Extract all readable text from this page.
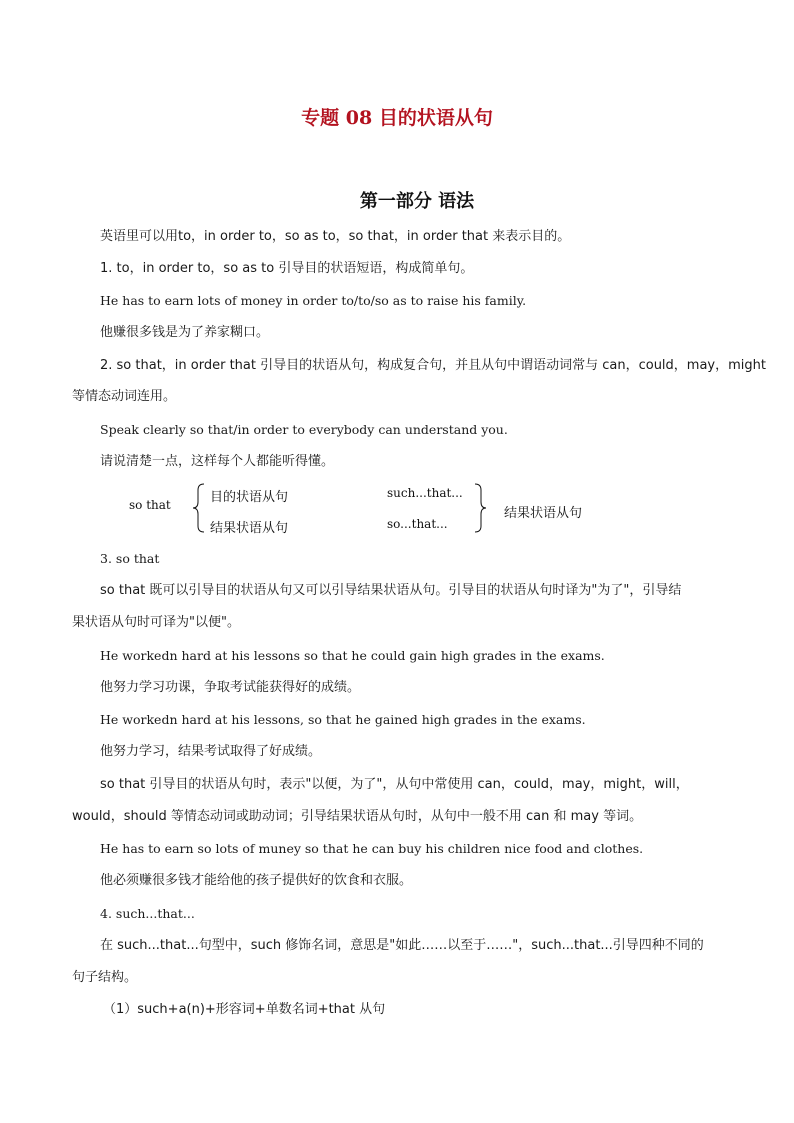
专题 08 目的状语从句
第一部分 语法
英语里可以用to，in order to，so as to，so that，in order that 来表示目的。
1. to，in order to，so as to 引导目的状语短语，构成简单句。
He has to earn lots of money in order to/to/so as to raise his family.
他赚很多钱是为了养家糊口。
2. so that，in order that 引导目的状语从句，构成复合句，并且从句中谓语动词常与 can，could，may，might
等情态动词连用。
Speak clearly so that/in order to everybody can understand you.
请说清楚一点，这样每个人都能听得懂。
so that	目的状语从句
结果状语从句
such...that...
so...that...
结果状语从句
3. so that
so that 既可以引导目的状语从句又可以引导结果状语从句。引导目的状语从句时译为"为了"，引导结
果状语从句时可译为"以便"。
He workedn hard at his lessons so that he could gain high grades in the exams.
他努力学习功课，争取考试能获得好的成绩。
He workedn hard at his lessons, so that he gained high grades in the exams.
他努力学习，结果考试取得了好成绩。
so that 引导目的状语从句时，表示"以便，为了"，从句中常使用 can，could，may，might，will，
would，should 等情态动词或助动词；引导结果状语从句时，从句中一般不用 can 和 may 等词。
He has to earn so lots of muney so that he can buy his children nice food and clothes.
他必须赚很多钱才能给他的孩子提供好的饮食和衣服。
4. such...that...
在 such...that...句型中，such 修饰名词，意思是"如此……以至于……"，such...that...引导四种不同的
句子结构。
（1）such+a(n)+形容词+单数名词+that 从句
